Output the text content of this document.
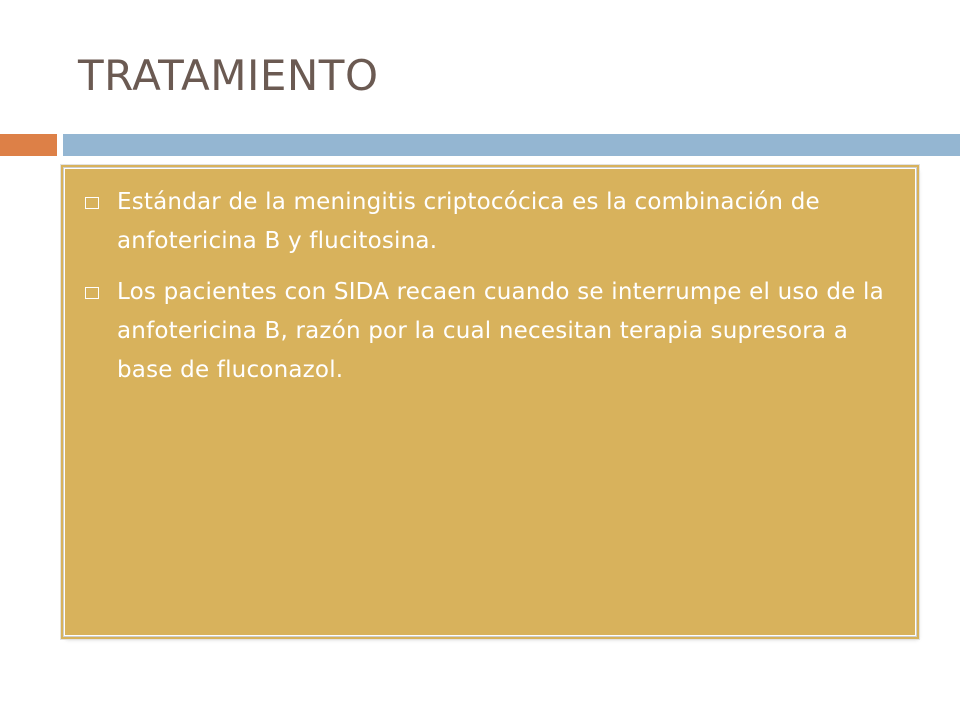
TRATAMIENTO
Estándar de la meningitis criptocócica es la combinación de anfotericina B y flucitosina.
Los pacientes con SIDA recaen cuando se interrumpe el uso de la anfotericina B, razón por la cual necesitan terapia supresora a base de fluconazol.
